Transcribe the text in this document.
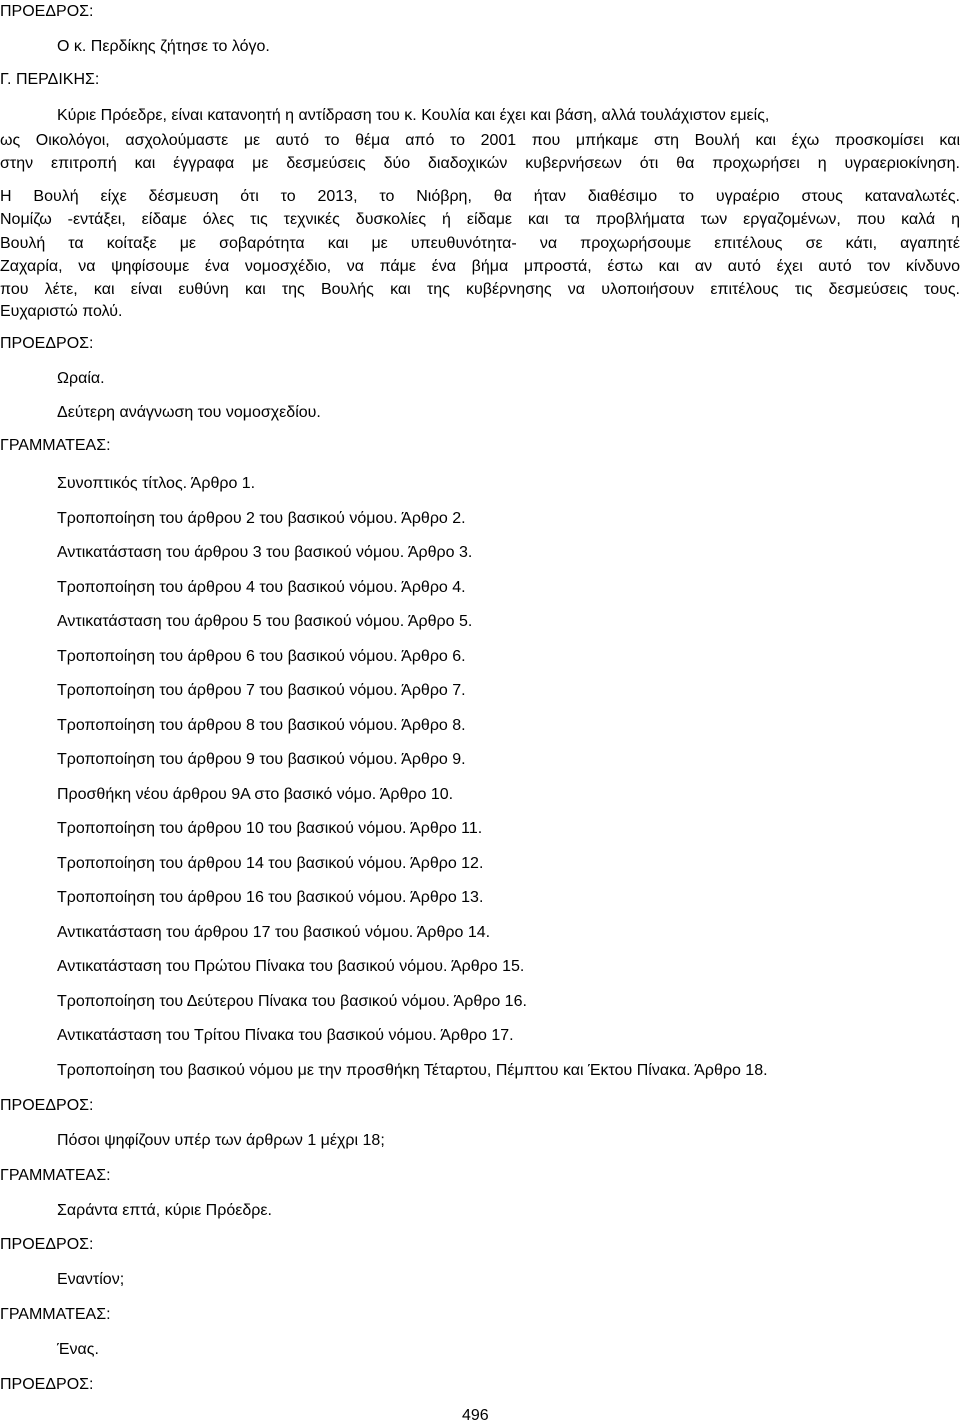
ΠΡΟΕΔΡΟΣ:
Ο κ. Περδίκης ζήτησε το λόγο.
Γ. ΠΕΡΔΙΚΗΣ:
Κύριε Πρόεδρε, είναι κατανοητή η αντίδραση του κ. Κουλία και έχει και βάση, αλλά τουλάχιστον εμείς,
ως Οικολόγοι, ασχολούμαστε με αυτό το θέμα από το 2001 που μπήκαμε στη Βουλή και έχω προσκομίσει και
στην επιτροπή και έγγραφα με δεσμεύσεις δύο διαδοχικών κυβερνήσεων ότι θα προχωρήσει η υγραεριοκίνηση.
Η Βουλή είχε δέσμευση ότι το 2013, το Νιόβρη, θα ήταν διαθέσιμο το υγραέριο στους καταναλωτές.
Νομίζω -εντάξει, είδαμε όλες τις τεχνικές δυσκολίες ή είδαμε και τα προβλήματα των εργαζομένων, που καλά η
Βουλή τα κοίταξε με σοβαρότητα και με υπευθυνότητα- να προχωρήσουμε επιτέλους σε κάτι, αγαπητέ
Ζαχαρία, να ψηφίσουμε ένα νομοσχέδιο, να πάμε ένα βήμα μπροστά, έστω και αν αυτό έχει αυτό τον κίνδυνο
που λέτε, και είναι ευθύνη και της Βουλής και της κυβέρνησης να υλοποιήσουν επιτέλους τις δεσμεύσεις τους.
Ευχαριστώ πολύ.
ΠΡΟΕΔΡΟΣ:
Ωραία.
Δεύτερη ανάγνωση του νομοσχεδίου.
ΓΡΑΜΜΑΤΕΑΣ:
Συνοπτικός τίτλος. Άρθρο 1.
Τροποποίηση του άρθρου 2 του βασικού νόμου. Άρθρο 2.
Αντικατάσταση του άρθρου 3 του βασικού νόμου. Άρθρο 3.
Τροποποίηση του άρθρου 4 του βασικού νόμου. Άρθρο 4.
Αντικατάσταση του άρθρου 5 του βασικού νόμου. Άρθρο 5.
Τροποποίηση του άρθρου 6 του βασικού νόμου. Άρθρο 6.
Τροποποίηση του άρθρου 7 του βασικού νόμου. Άρθρο 7.
Τροποποίηση του άρθρου 8 του βασικού νόμου. Άρθρο 8.
Τροποποίηση του άρθρου 9 του βασικού νόμου. Άρθρο 9.
Προσθήκη νέου άρθρου 9Α στο βασικό νόμο. Άρθρο 10.
Τροποποίηση του άρθρου 10 του βασικού νόμου. Άρθρο 11.
Τροποποίηση του άρθρου 14 του βασικού νόμου. Άρθρο 12.
Τροποποίηση του άρθρου 16 του βασικού νόμου. Άρθρο 13.
Αντικατάσταση του άρθρου 17 του βασικού νόμου. Άρθρο 14.
Αντικατάσταση του Πρώτου Πίνακα του βασικού νόμου. Άρθρο 15.
Τροποποίηση του Δεύτερου Πίνακα του βασικού νόμου. Άρθρο 16.
Αντικατάσταση του Τρίτου Πίνακα του βασικού νόμου. Άρθρο 17.
Τροποποίηση του βασικού νόμου με την προσθήκη Τέταρτου, Πέμπτου και Έκτου Πίνακα. Άρθρο 18.
ΠΡΟΕΔΡΟΣ:
Πόσοι ψηφίζουν υπέρ των άρθρων 1 μέχρι 18;
ΓΡΑΜΜΑΤΕΑΣ:
Σαράντα επτά, κύριε Πρόεδρε.
ΠΡΟΕΔΡΟΣ:
Εναντίον;
ΓΡΑΜΜΑΤΕΑΣ:
Ένας.
ΠΡΟΕΔΡΟΣ:
496
